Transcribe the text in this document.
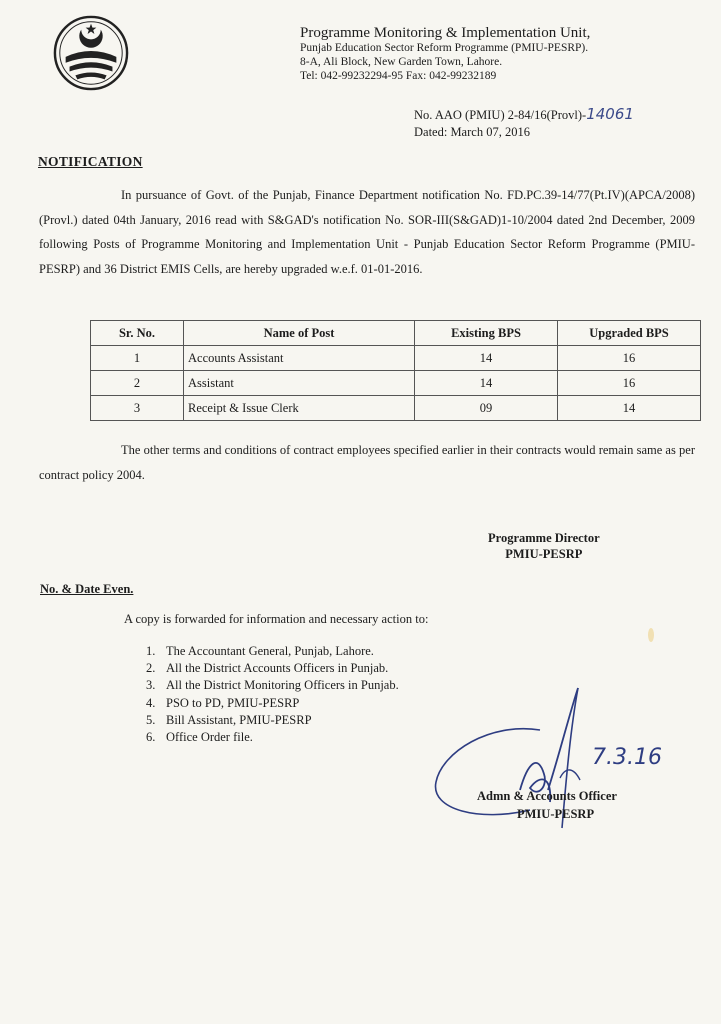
Programme Monitoring & Implementation Unit,
Punjab Education Sector Reform Programme (PMIU-PESRP).
8-A, Ali Block, New Garden Town, Lahore.
Tel: 042-99232294-95 Fax: 042-99232189
No. AAO (PMIU) 2-84/16(Provl)-14061
Dated: March 07, 2016
NOTIFICATION
In pursuance of Govt. of the Punjab, Finance Department notification No. FD.PC.39-14/77(Pt.IV)(APCA/2008)(Provl.) dated 04th January, 2016 read with S&GAD's notification No. SOR-III(S&GAD)1-10/2004 dated 2nd December, 2009 following Posts of Programme Monitoring and Implementation Unit - Punjab Education Sector Reform Programme (PMIU-PESRP) and 36 District EMIS Cells, are hereby upgraded w.e.f. 01-01-2016.
Sr. No.	Name of Post	Existing BPS	Upgraded BPS
1	Accounts Assistant	14	16
2	Assistant	14	16
3	Receipt & Issue Clerk	09	14
The other terms and conditions of contract employees specified earlier in their contracts would remain same as per contract policy 2004.
Programme Director
PMIU-PESRP
No. & Date Even.
A copy is forwarded for information and necessary action to:
1. The Accountant General, Punjab, Lahore.
2. All the District Accounts Officers in Punjab.
3. All the District Monitoring Officers in Punjab.
4. PSO to PD, PMIU-PESRP
5. Bill Assistant, PMIU-PESRP
6. Office Order file.
7.3.16
Admn & Accounts Officer
PMIU-PESRP
